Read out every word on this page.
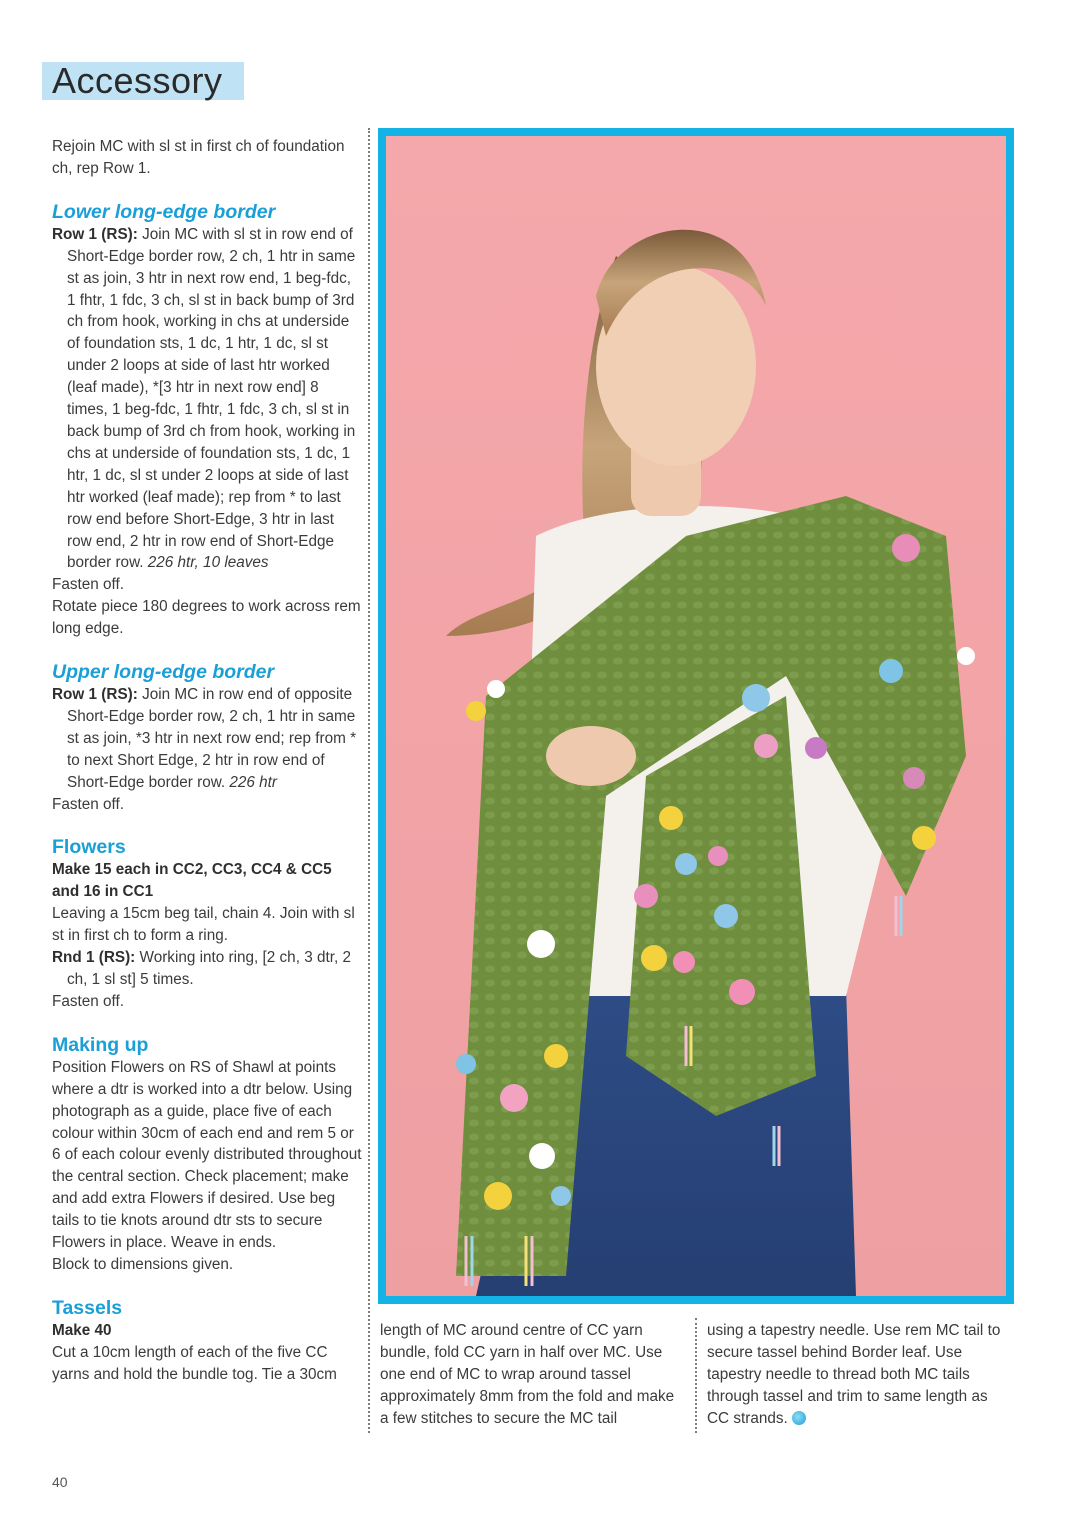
Accessory

Rejoin MC with sl st in first ch of foundation ch, rep Row 1.

Lower long-edge border

Row 1 (RS): Join MC with sl st in row end of Short-Edge border row, 2 ch, 1 htr in same st as join, 3 htr in next row end, 1 beg-fdc, 1 fhtr, 1 fdc, 3 ch, sl st in back bump of 3rd ch from hook, working in chs at underside of foundation sts, 1 dc, 1 htr, 1 dc, sl st under 2 loops at side of last htr worked (leaf made), *[3 htr in next row end] 8 times, 1 beg-fdc, 1 fhtr, 1 fdc, 3 ch, sl st in back bump of 3rd ch from hook, working in chs at underside of foundation sts, 1 dc, 1 htr, 1 dc, sl st under 2 loops at side of last htr worked (leaf made); rep from * to last row end before Short-Edge, 3 htr in last row end, 2 htr in row end of Short-Edge border row. 226 htr, 10 leaves

Fasten off.

Rotate piece 180 degrees to work across rem long edge.

Upper long-edge border

Row 1 (RS): Join MC in row end of opposite Short-Edge border row, 2 ch, 1 htr in same st as join, *3 htr in next row end; rep from * to next Short Edge, 2 htr in row end of Short-Edge border row. 226 htr

Fasten off.

Flowers

Make 15 each in CC2, CC3, CC4 & CC5 and 16 in CC1

Leaving a 15cm beg tail, chain 4. Join with sl st in first ch to form a ring.

Rnd 1 (RS): Working into ring, [2 ch, 3 dtr, 2 ch, 1 sl st] 5 times.

Fasten off.

Making up

Position Flowers on RS of Shawl at points where a dtr is worked into a dtr below. Using photograph as a guide, place five of each colour within 30cm of each end and rem 5 or 6 of each colour evenly distributed throughout the central section. Check placement; make and add extra Flowers if desired. Use beg tails to tie knots around dtr sts to secure Flowers in place. Weave in ends.

Block to dimensions given.

Tassels

Make 40

Cut a 10cm length of each of the five CC yarns and hold the bundle tog. Tie a 30cm

length of MC around centre of CC yarn bundle, fold CC yarn in half over MC. Use one end of MC to wrap around tassel approximately 8mm from the fold and make a few stitches to secure the MC tail
using a tapestry needle. Use rem MC tail to secure tassel behind Border leaf. Use tapestry needle to thread both MC tails through tassel and trim to same length as CC strands.
40
